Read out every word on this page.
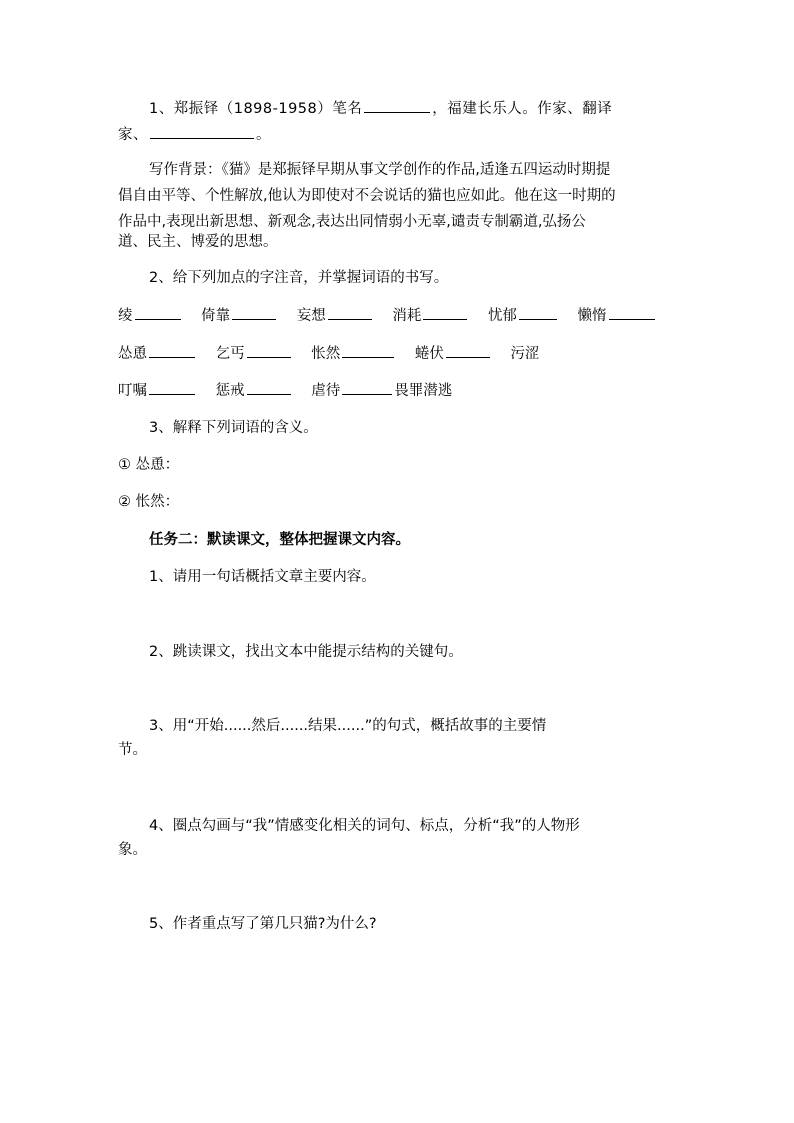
1、郑振铎（1898-1958）笔名	，福建长乐人。作家、翻译
家、	。
写作背景：《猫》是郑振铎早期从事文学创作的作品,适逢五四运动时期提
倡自由平等、个性解放,他认为即使对不会说话的猫也应如此。他在这一时期的
作品中,表现出新思想、新观念,表达出同情弱小无辜,谴责专制霸道,弘扬公
道、民主、博爱的思想。
2、给下列加点的字注音，并掌握词语的书写。
绫	倚靠	妄想	消耗	忧郁	懒惰
怂恿	乞丐	怅然	蜷伏	污涩
叮嘱	惩戒	虐待	畏罪潜逃
3、解释下列词语的含义。
① 怂恿：
② 怅然：
任务二：默读课文，整体把握课文内容。
1、请用一句话概括文章主要内容。
2、跳读课文，找出文本中能提示结构的关键句。
3、用“开始......然后......结果......”的句式，概括故事的主要情
节。
4、圈点勾画与“我”情感变化相关的词句、标点，分析“我”的人物形
象。
5、作者重点写了第几只猫?为什么?
